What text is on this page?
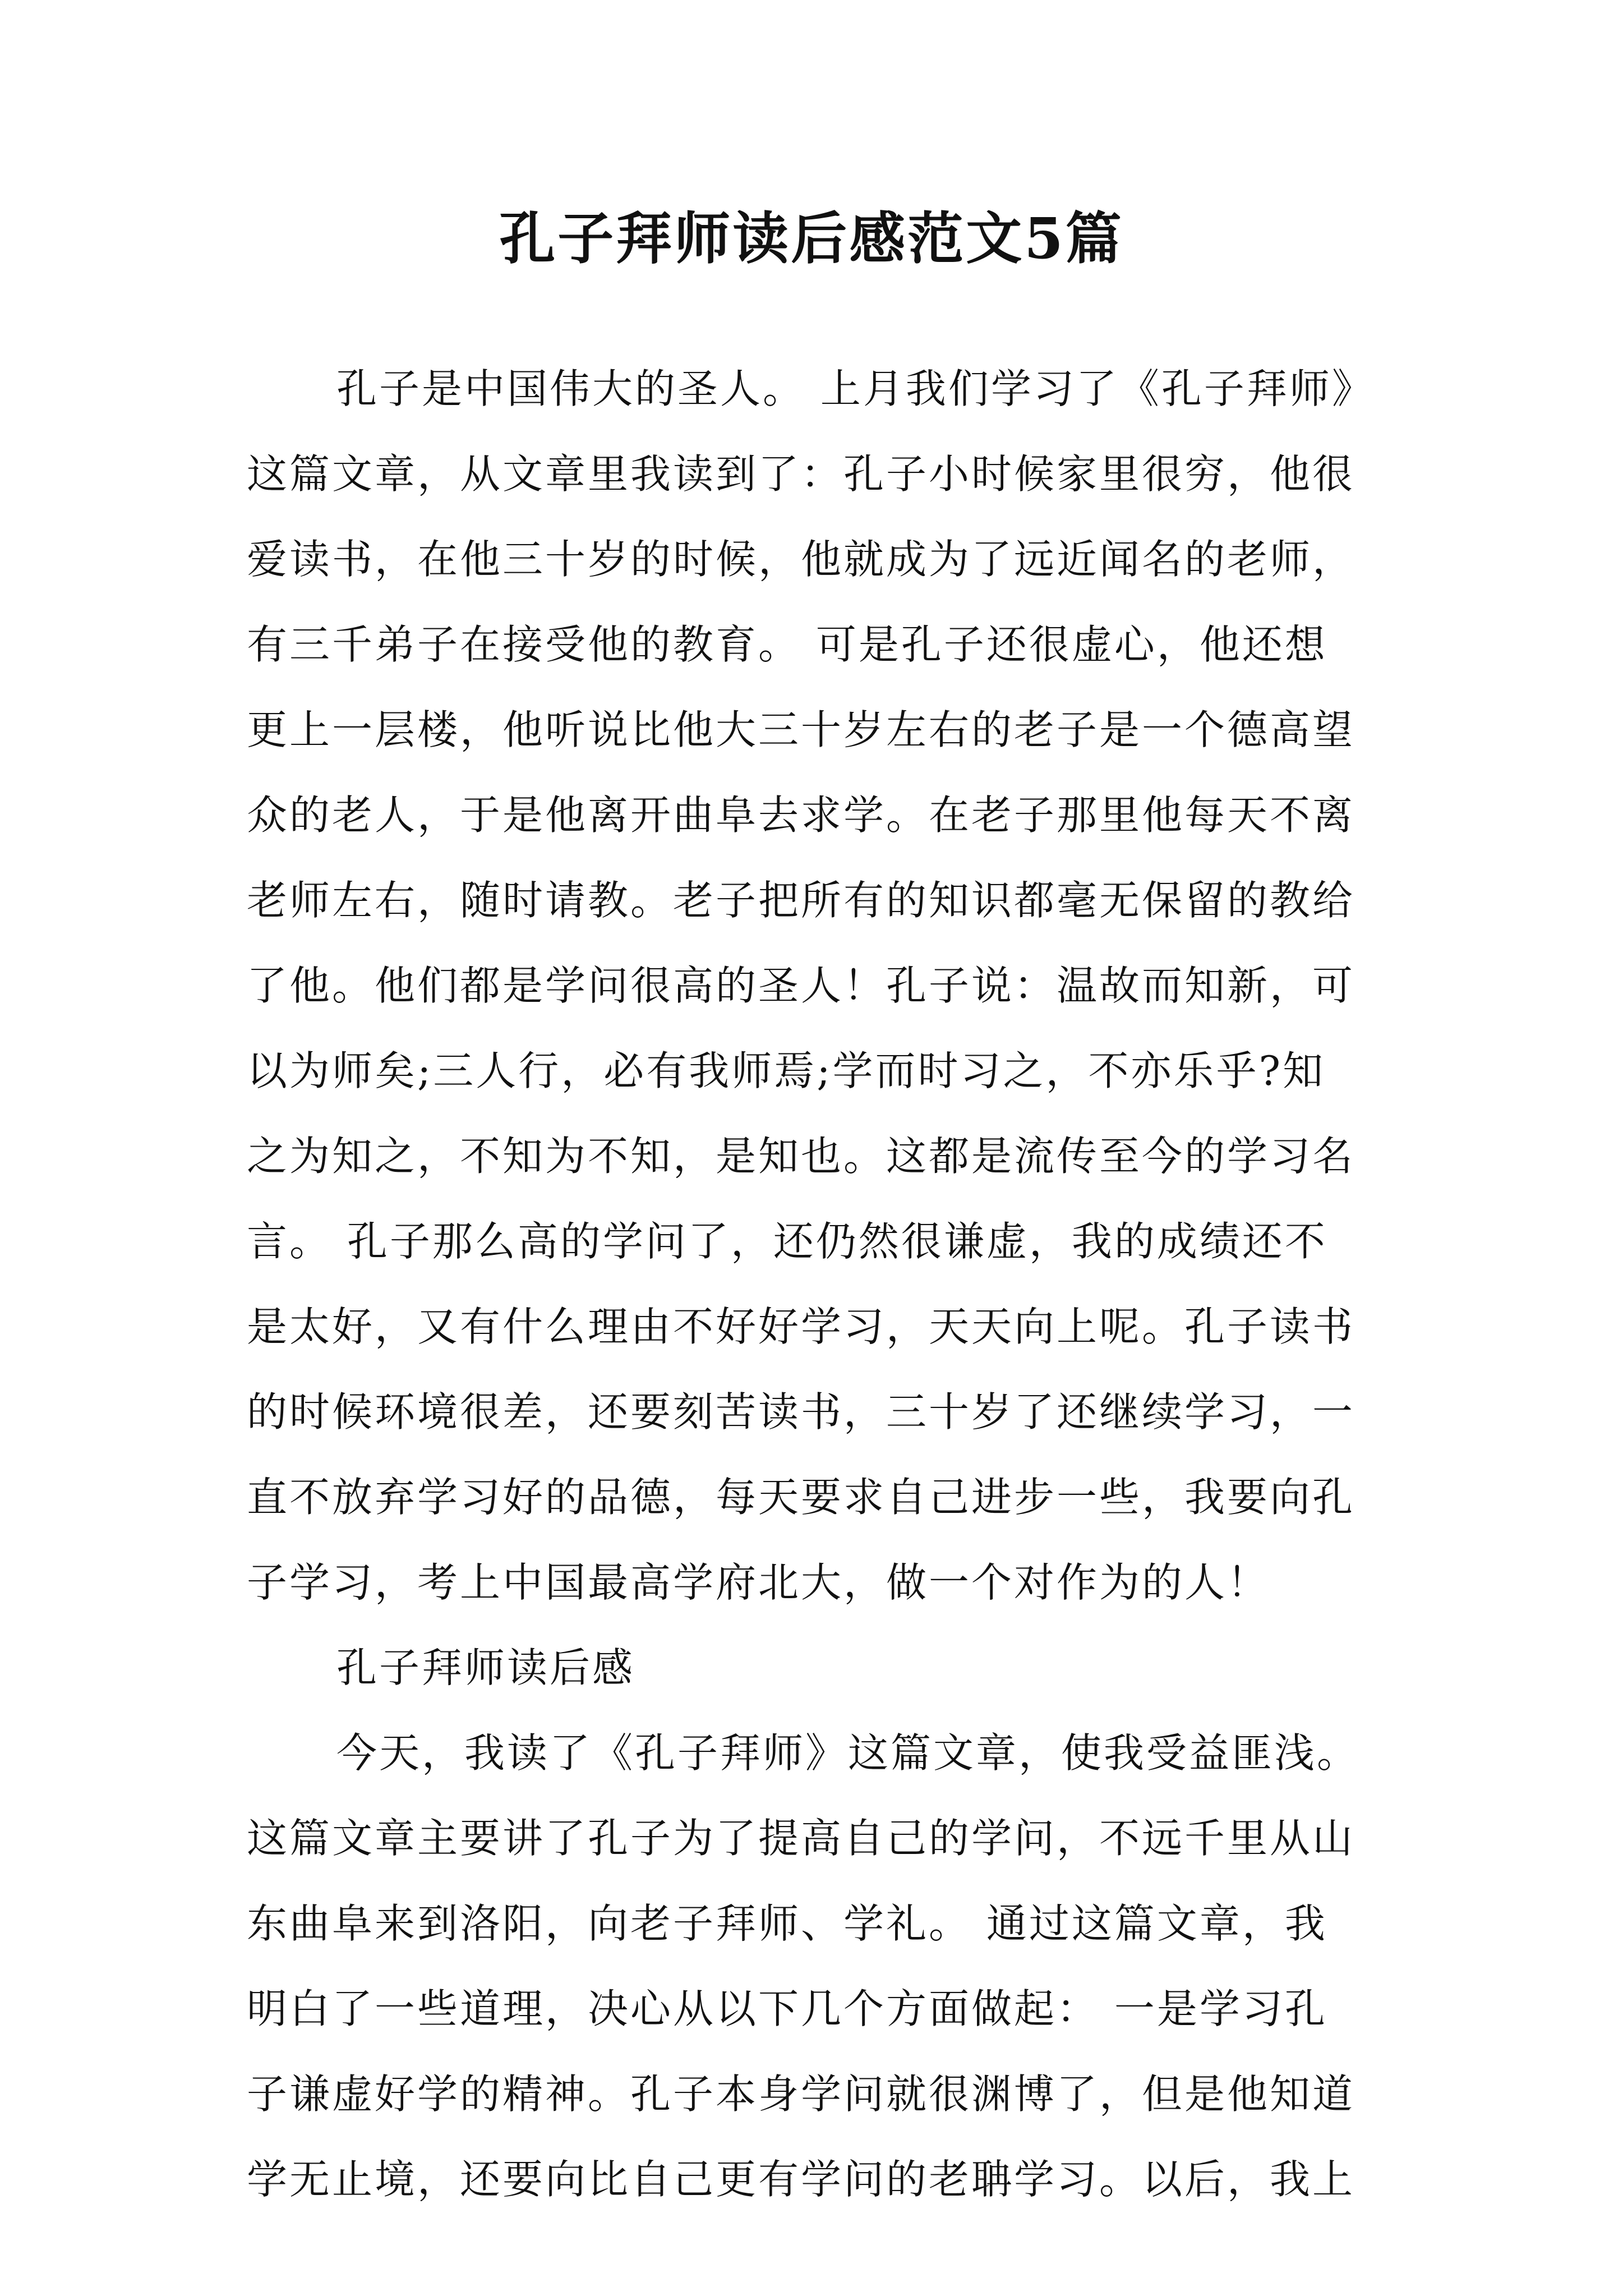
孔子拜师读后感范文5篇

孔子是中国伟大的圣人。 上月我们学习了《孔子拜师》

这篇文章，从文章里我读到了：孔子小时候家里很穷，他很

爱读书，在他三十岁的时候，他就成为了远近闻名的老师，

有三千弟子在接受他的教育。 可是孔子还很虚心，他还想

更上一层楼，他听说比他大三十岁左右的老子是一个德高望

众的老人，于是他离开曲阜去求学。在老子那里他每天不离

老师左右，随时请教。老子把所有的知识都毫无保留的教给

了他。他们都是学问很高的圣人！孔子说：温故而知新，可

以为师矣;三人行，必有我师焉;学而时习之，不亦乐乎?知

之为知之，不知为不知，是知也。这都是流传至今的学习名

言。 孔子那么高的学问了，还仍然很谦虚，我的成绩还不

是太好，又有什么理由不好好学习，天天向上呢。孔子读书

的时候环境很差，还要刻苦读书，三十岁了还继续学习，一

直不放弃学习好的品德，每天要求自己进步一些，我要向孔

子学习，考上中国最高学府北大，做一个对作为的人！

孔子拜师读后感

今天，我读了《孔子拜师》这篇文章，使我受益匪浅。

这篇文章主要讲了孔子为了提高自己的学问，不远千里从山

东曲阜来到洛阳，向老子拜师、学礼。 通过这篇文章，我

明白了一些道理，决心从以下几个方面做起： 一是学习孔

子谦虚好学的精神。孔子本身学问就很渊博了，但是他知道

学无止境，还要向比自己更有学问的老聃学习。以后，我上
